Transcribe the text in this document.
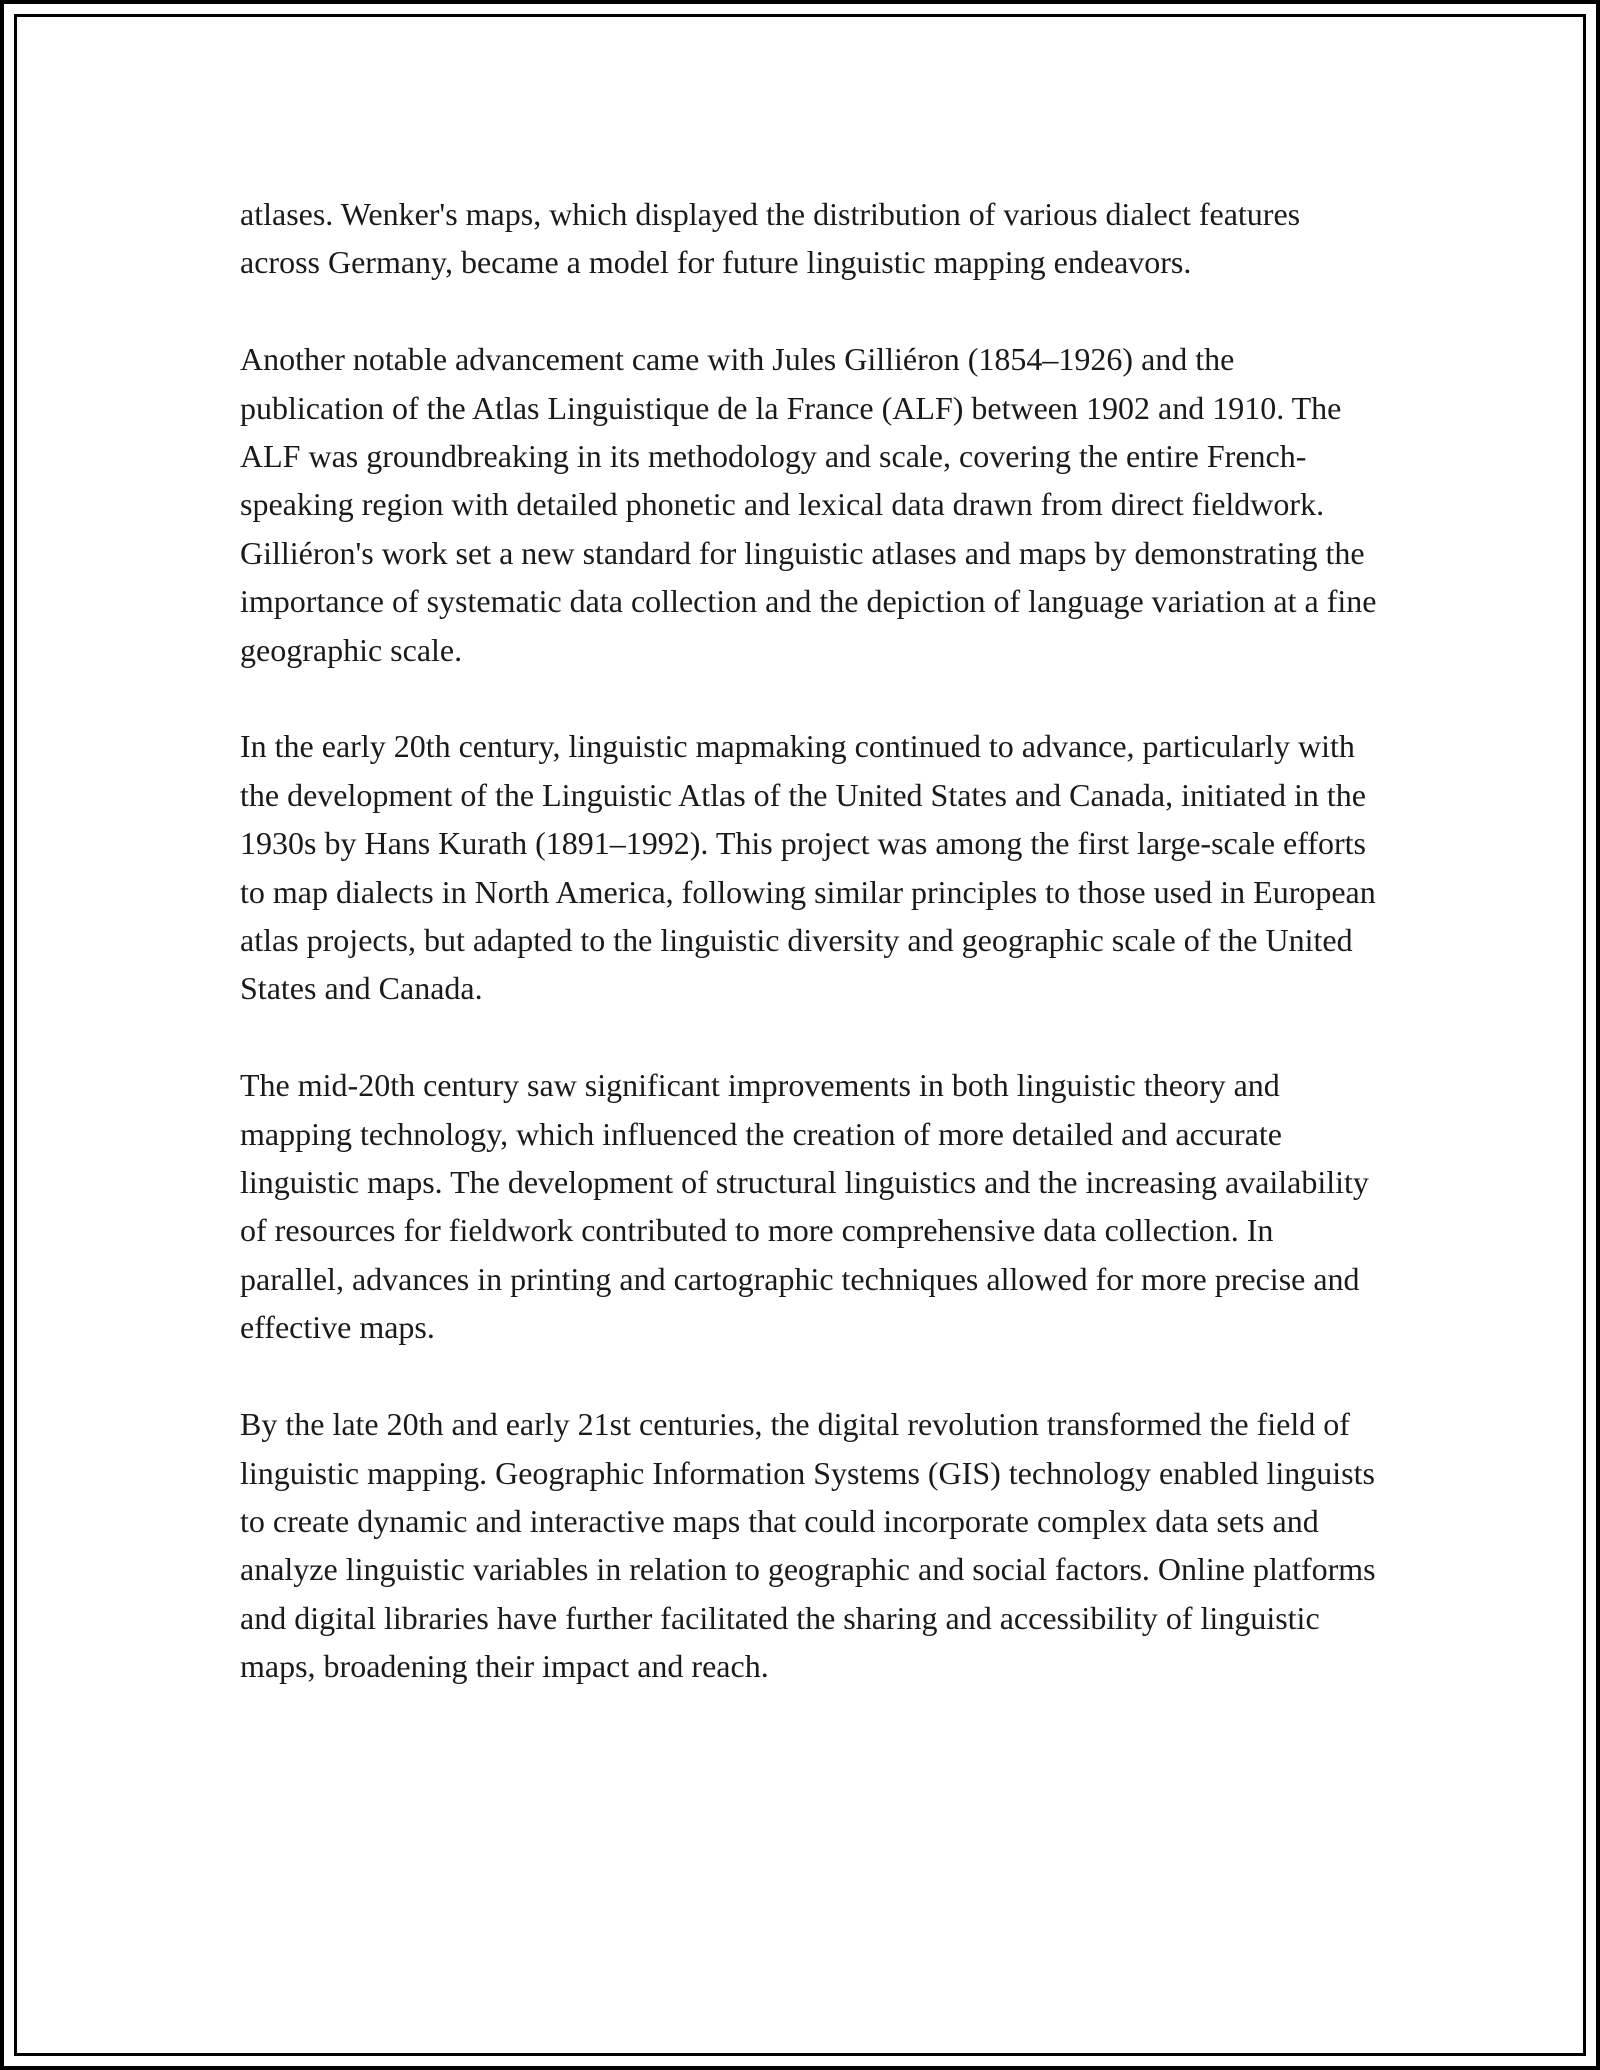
atlases. Wenker's maps, which displayed the distribution of various dialect features across Germany, became a model for future linguistic mapping endeavors.

Another notable advancement came with Jules Gilliéron (1854–1926) and the publication of the Atlas Linguistique de la France (ALF) between 1902 and 1910. The ALF was groundbreaking in its methodology and scale, covering the entire French-speaking region with detailed phonetic and lexical data drawn from direct fieldwork. Gilliéron's work set a new standard for linguistic atlases and maps by demonstrating the importance of systematic data collection and the depiction of language variation at a fine geographic scale.

In the early 20th century, linguistic mapmaking continued to advance, particularly with the development of the Linguistic Atlas of the United States and Canada, initiated in the 1930s by Hans Kurath (1891–1992). This project was among the first large-scale efforts to map dialects in North America, following similar principles to those used in European atlas projects, but adapted to the linguistic diversity and geographic scale of the United States and Canada.

The mid-20th century saw significant improvements in both linguistic theory and mapping technology, which influenced the creation of more detailed and accurate linguistic maps. The development of structural linguistics and the increasing availability of resources for fieldwork contributed to more comprehensive data collection. In parallel, advances in printing and cartographic techniques allowed for more precise and effective maps.

By the late 20th and early 21st centuries, the digital revolution transformed the field of linguistic mapping. Geographic Information Systems (GIS) technology enabled linguists to create dynamic and interactive maps that could incorporate complex data sets and analyze linguistic variables in relation to geographic and social factors. Online platforms and digital libraries have further facilitated the sharing and accessibility of linguistic maps, broadening their impact and reach.
